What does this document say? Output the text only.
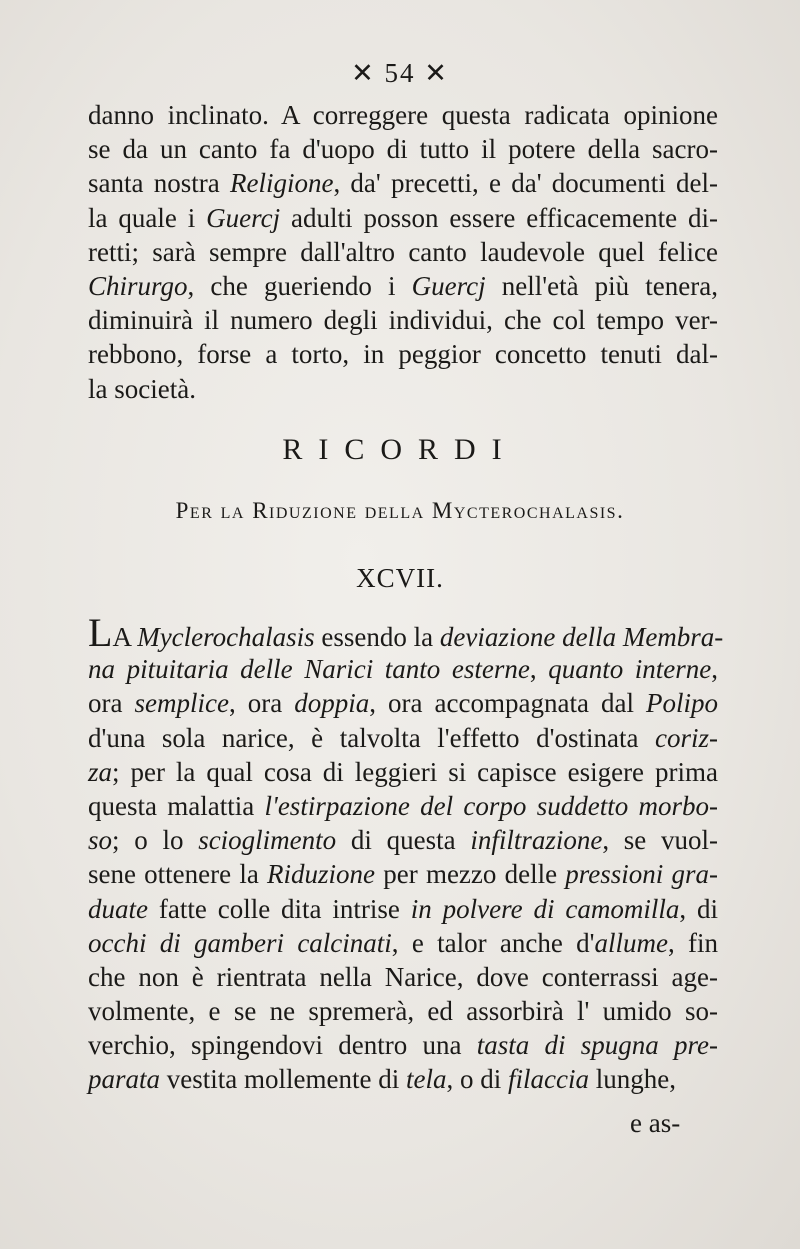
✕ 54 ✕
danno inclinato. A correggere questa radicata opinione
se da un canto fa d'uopo di tutto il potere della sacro-
santa nostra Religione, da' precetti, e da' documenti del-
la quale i Guercj adulti posson essere efficacemente di-
retti; sarà sempre dall'altro canto laudevole quel felice
Chirurgo, che gueriendo i Guercj nell'età più tenera,
diminuirà il numero degli individui, che col tempo ver-
rebbono, forse a torto, in peggior concetto tenuti dal-
la società.
RICORDI
Per la Riduzione della Mycterochalasis.
XCVII.
LA Myclerochalasis essendo la deviazione della Membra-
na pituitaria delle Narici tanto esterne, quanto interne,
ora semplice, ora doppia, ora accompagnata dal Polipo
d'una sola narice, è talvolta l'effetto d'ostinata coriz-
za; per la qual cosa di leggieri si capisce esigere prima
questa malattia l'estirpazione del corpo suddetto morbo-
so; o lo scioglimento di questa infiltrazione, se vuol-
sene ottenere la Riduzione per mezzo delle pressioni gra-
duate fatte colle dita intrise in polvere di camomilla, di
occhi di gamberi calcinati, e talor anche d'allume, fin
che non è rientrata nella Narice, dove conterrassi age-
volmente, e se ne spremerà, ed assorbirà l' umido so-
verchio, spingendovi dentro una tasta di spugna pre-
parata vestita mollemente di tela, o di filaccia lunghe,
e as-
